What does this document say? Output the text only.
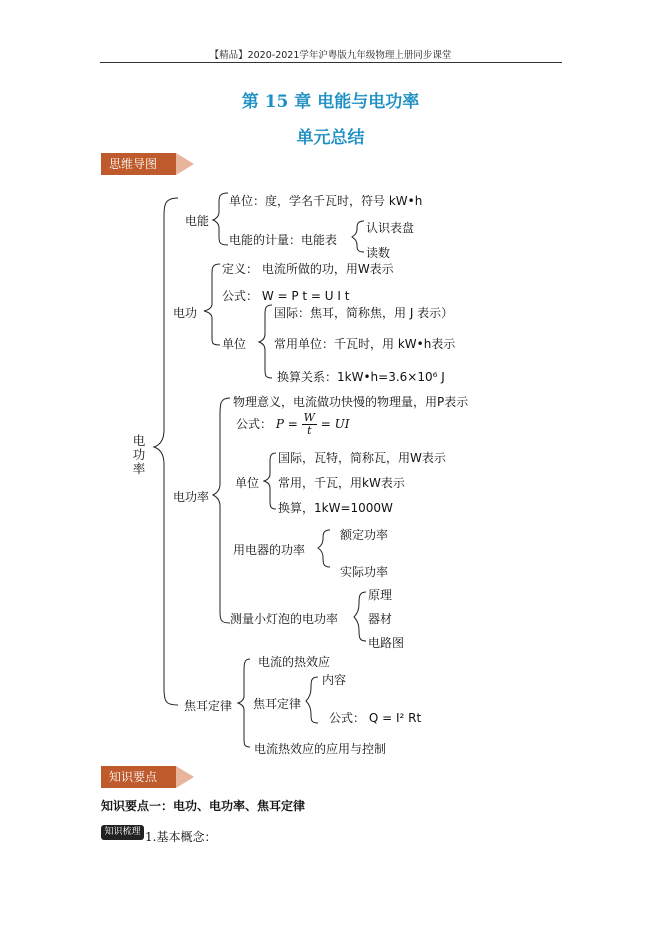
【精品】2020-2021学年沪粤版九年级物理上册同步课堂
第 15 章 电能与电功率
单元总结
思维导图
电功率
电能
单位：度，学名千瓦时，符号 kW•h
电能的计量：电能表
认识表盘
读数
电功
定义： 电流所做的功，用W表示
公式： W = P t = U I t
单位
国际：焦耳，简称焦，用 J 表示）
常用单位：千瓦时，用 kW•h表示
换算关系：1kW•h=3.6×10⁶ J
电功率
物理意义，电流做功快慢的物理量，用P表示
公式： $P = \frac{W}{t}$ = UI
单位
国际，瓦特，简称瓦，用W表示
常用，千瓦，用kW表示
换算，1kW=1000W
用电器的功率
额定功率
实际功率
测量小灯泡的电功率
原理
器材
电路图
焦耳定律
电流的热效应
焦耳定律
内容
公式： Q = I² Rt
电流热效应的应用与控制
知识要点
知识要点一：电功、电功率、焦耳定律
知识梳理 1.基本概念：
